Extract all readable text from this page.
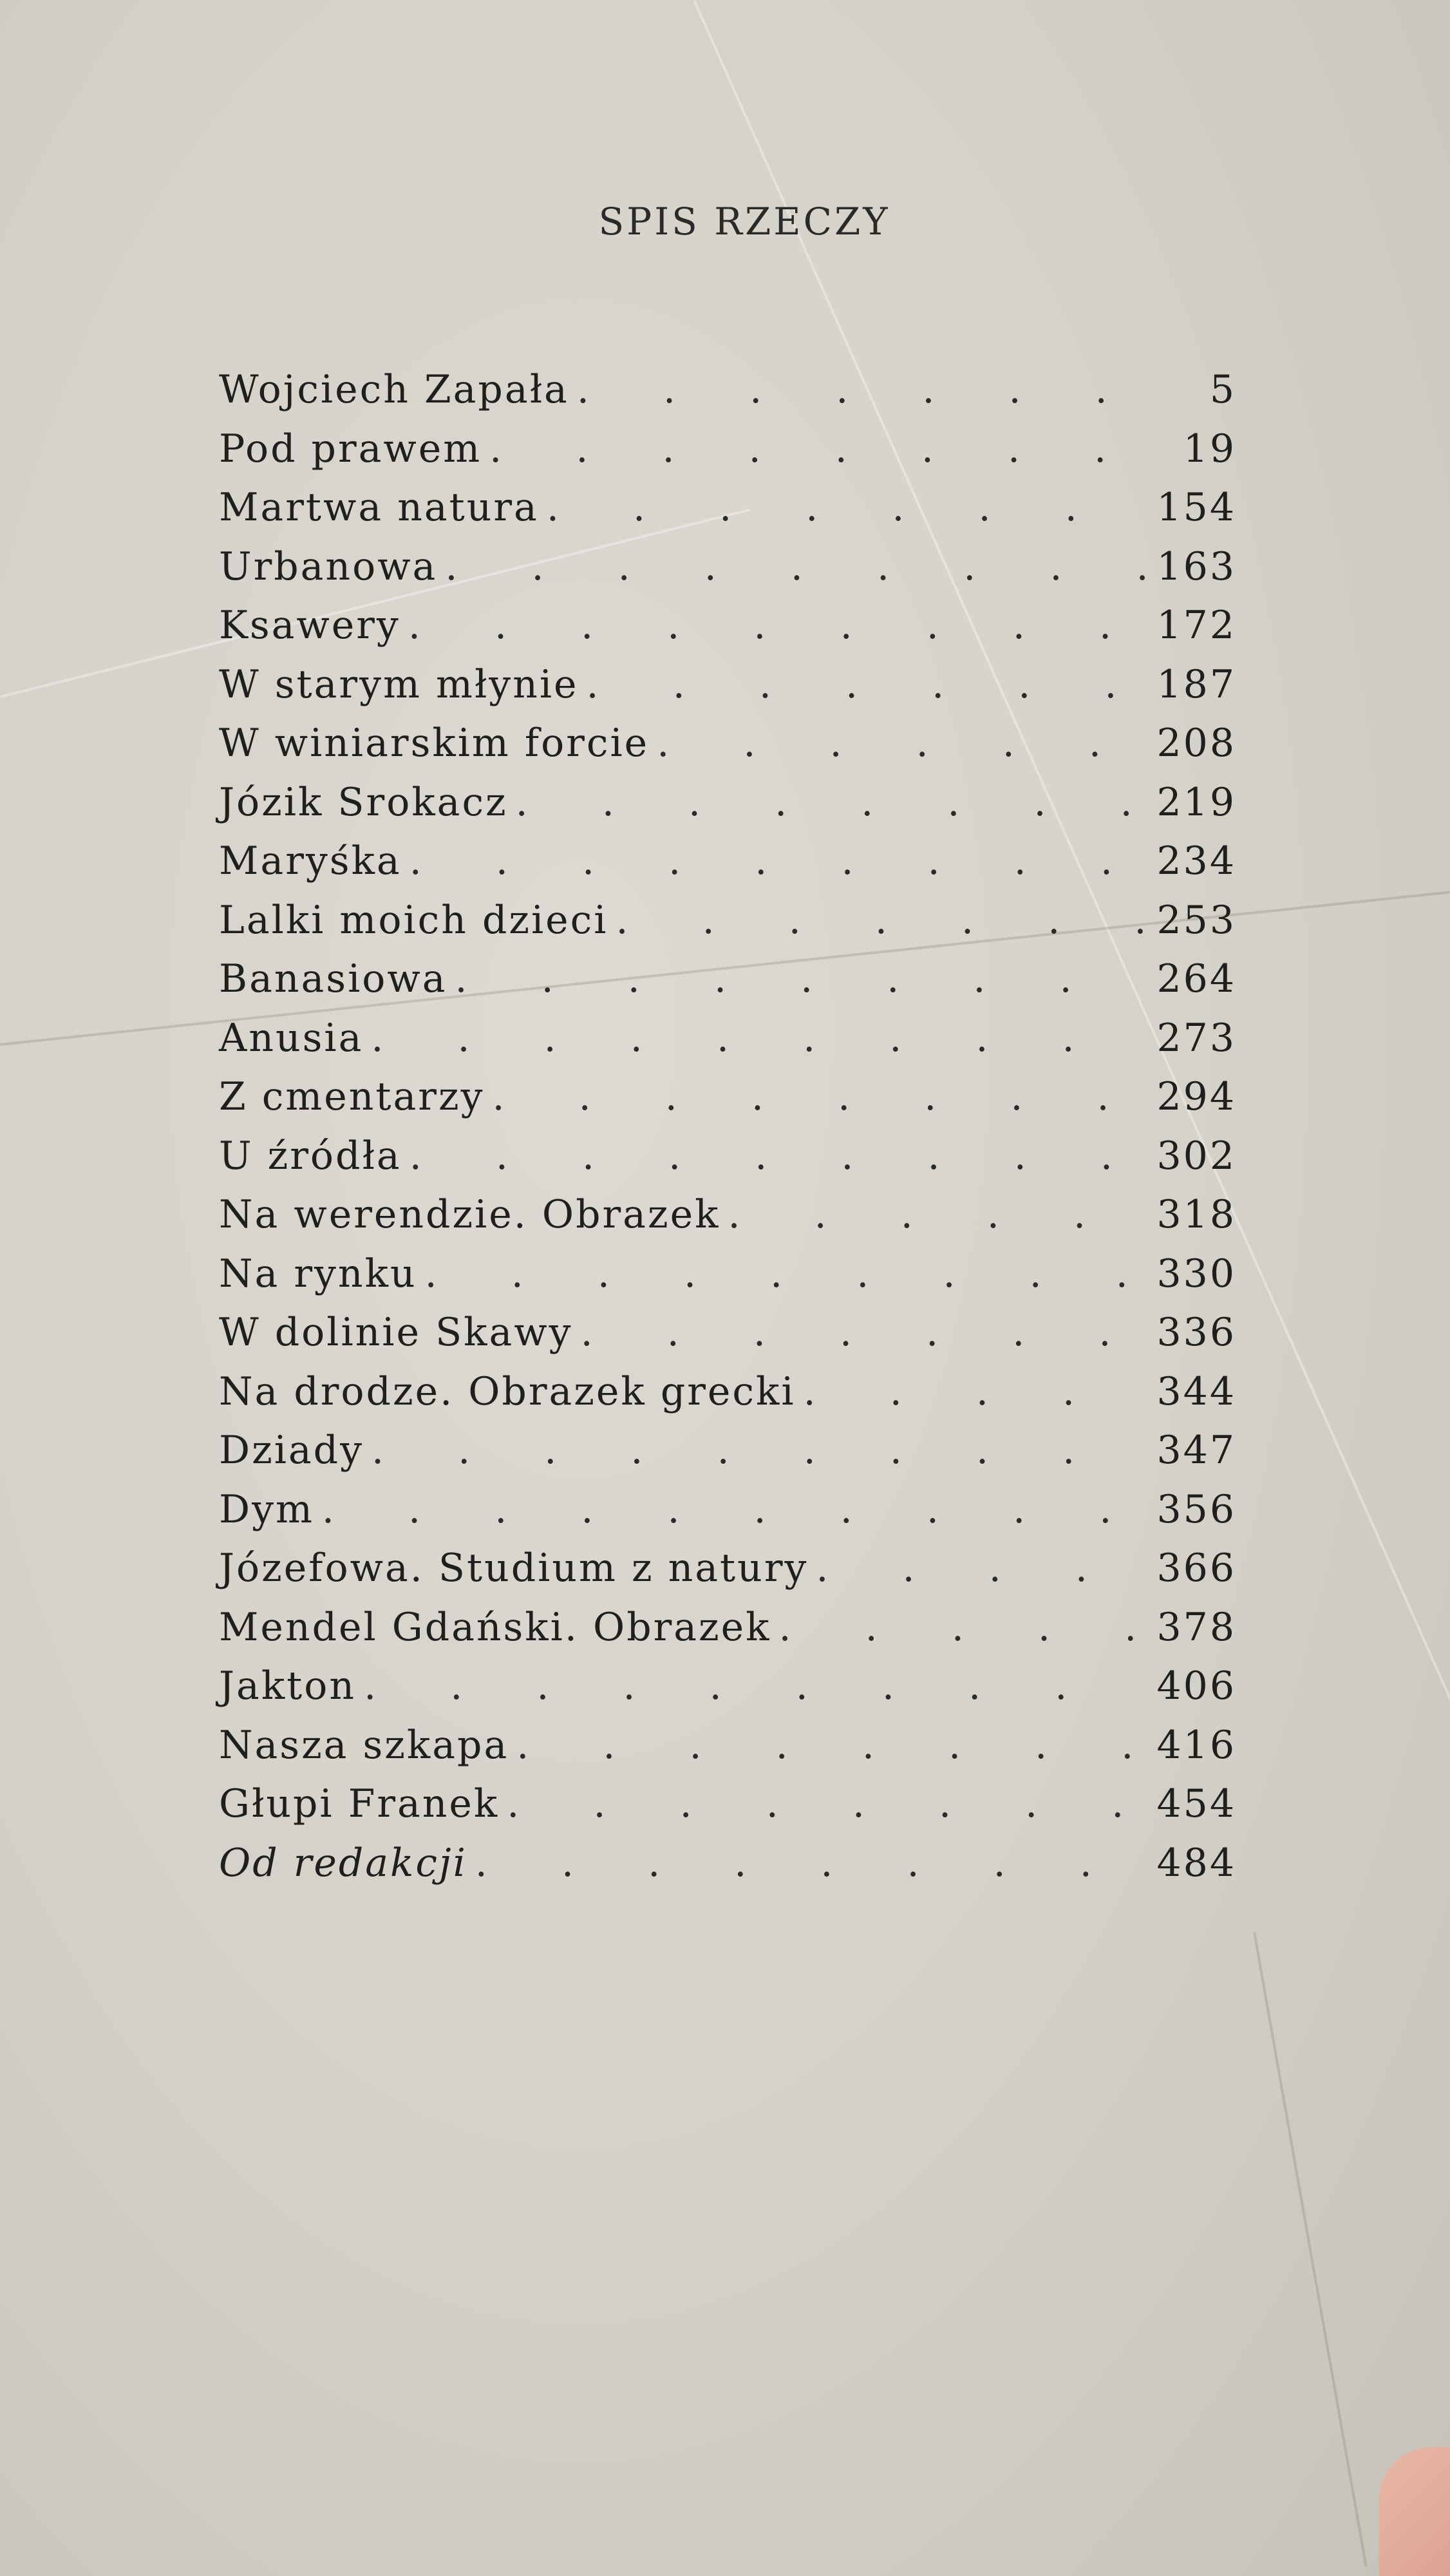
SPIS RZECZY
Wojciech Zapała . . .	5
Pod prawem . . .	19
Martwa natura . . .	154
Urbanowa . . .	163
Ksawery . . .	172
W starym młynie . . .	187
W winiarskim forcie . . .	208
Józik Srokacz . . .	219
Maryśka . . .	234
Lalki moich dzieci . . .	253
Banasiowa . . .	264
Anusia . . .	273
Z cmentarzy . . .	294
U źródła . . .	302
Na werendzie. Obrazek . . .	318
Na rynku . . .	330
W dolinie Skawy . . .	336
Na drodze. Obrazek grecki . . .	344
Dziady . . .	347
Dym . . .	356
Józefowa. Studium z natury . . .	366
Mendel Gdański. Obrazek . . .	378
Jakton . . .	406
Nasza szkapa . . .	416
Głupi Franek . . .	454
Od redakcji . . .	484
